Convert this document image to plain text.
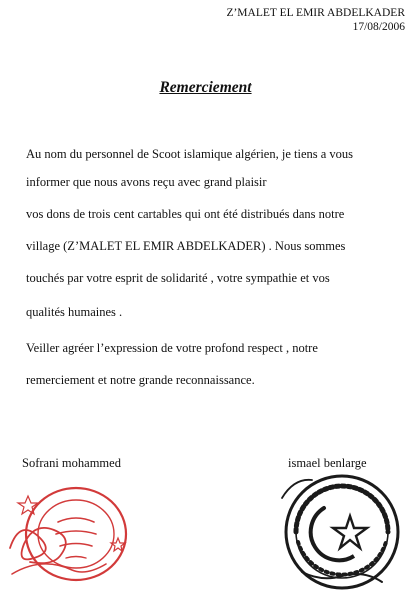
Z’MALET EL EMIR ABDELKADER
17/08/2006
Remerciement
Au nom du personnel de Scoot islamique algérien, je tiens a vous
informer que nous avons reçu avec grand plaisir
vos dons de trois cent cartables qui ont été distribués dans notre
village (Z’MALET EL EMIR ABDELKADER) . Nous sommes
touchés par votre esprit de solidarité , votre sympathie et vos
qualités humaines .
Veiller agréer l’expression de votre profond respect , notre
remerciement et notre grande reconnaissance.
Sofrani mohammed	ismael benlarge
